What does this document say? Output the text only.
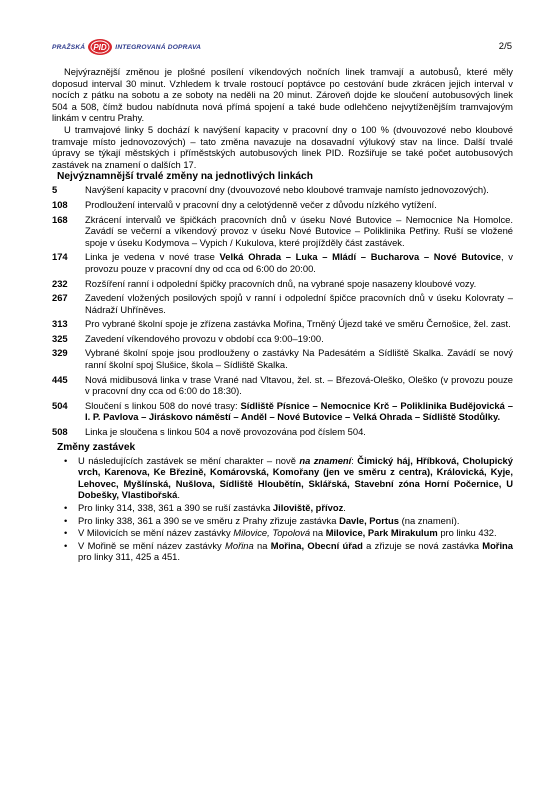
PRAŽSKÁ PID INTEGROVANÁ DOPRAVA	2/5

Nejvýraznější změnou je plošné posílení víkendových nočních linek tramvají a autobusů, které měly doposud interval 30 minut. Vzhledem k trvale rostoucí poptávce po cestování bude zkrácen jejich interval v nocích z pátku na sobotu a ze soboty na neděli na 20 minut. Zároveň dojde ke sloučení autobusových linek 504 a 508, čímž budou nabídnuta nová přímá spojení a také bude odlehčeno nejvytíženějším tramvajovým linkám v centru Prahy.

U tramvajové linky 5 dochází k navýšení kapacity v pracovní dny o 100 % (dvouvozové nebo kloubové tramvaje místo jednovozových) – tato změna navazuje na dosavadní výlukový stav na lince. Další trvalé úpravy se týkají městských i příměstských autobusových linek PID. Rozšiřuje se také počet autobusových zastávek na znamení o dalších 17.

Nejvýznamnější trvalé změny na jednotlivých linkách
5	Navýšení kapacity v pracovní dny (dvouvozové nebo kloubové tramvaje namísto jednovozových).
108	Prodloužení intervalů v pracovní dny a celotýdenně večer z důvodu nízkého vytížení.
168	Zkrácení intervalů ve špičkách pracovních dnů v úseku Nové Butovice – Nemocnice Na Homolce. Zavádí se večerní a víkendový provoz v úseku Nové Butovice – Poliklinika Petřiny. Ruší se vložené spoje v úseku Kodymova – Vypich / Kukulova, které projížděly část zastávek.
174	Linka je vedena v nové trase Velká Ohrada – Luka – Mládí – Bucharova – Nové Butovice, v provozu pouze v pracovní dny od cca od 6:00 do 20:00.
232	Rozšíření ranní i odpolední špičky pracovních dnů, na vybrané spoje nasazeny kloubové vozy.
267	Zavedení vložených posilových spojů v ranní i odpolední špičce pracovních dnů v úseku Kolovraty – Nádraží Uhříněves.
313	Pro vybrané školní spoje je zřízena zastávka Mořina, Trněný Újezd také ve směru Černošice, žel. zast.
325	Zavedení víkendového provozu v období cca 9:00–19:00.
329	Vybrané školní spoje jsou prodlouženy o zastávky Na Padesátém a Sídliště Skalka. Zavádí se nový ranní školní spoj Slušice, škola – Sídliště Skalka.
445	Nová midibusová linka v trase Vrané nad Vltavou, žel. st. – Březová-Oleško, Oleško (v provozu pouze v pracovní dny cca od 6:00 do 18:30).
504	Sloučení s linkou 508 do nové trasy: Sídliště Písnice – Nemocnice Krč – Poliklinika Budějovická – I. P. Pavlova – Jiráskovo náměstí – Anděl – Nové Butovice – Velká Ohrada – Sídliště Stodůlky.
508	Linka je sloučena s linkou 504 a nově provozována pod číslem 504.
Změny zastávek
• U následujících zastávek se mění charakter – nově na znamení: Čimický háj, Hříbková, Cholupický vrch, Karenova, Ke Březině, Komárovská, Komořany (jen ve směru z centra), Královická, Kyje, Lehovec, Myšlínská, Nušlova, Sídliště Hloubětín, Sklářská, Stavební zóna Horní Počernice, U Dobešky, Vlastibořská.
• Pro linky 314, 338, 361 a 390 se ruší zastávka Jiloviště, přívoz.
• Pro linky 338, 361 a 390 se ve směru z Prahy zřizuje zastávka Davle, Portus (na znamení).
• V Milovicích se mění název zastávky Milovice, Topolová na Milovice, Park Mirakulum pro linku 432.
• V Mořině se mění název zastávky Mořina na Mořina, Obecní úřad a zřizuje se nová zastávka Mořina pro linky 311, 425 a 451.
